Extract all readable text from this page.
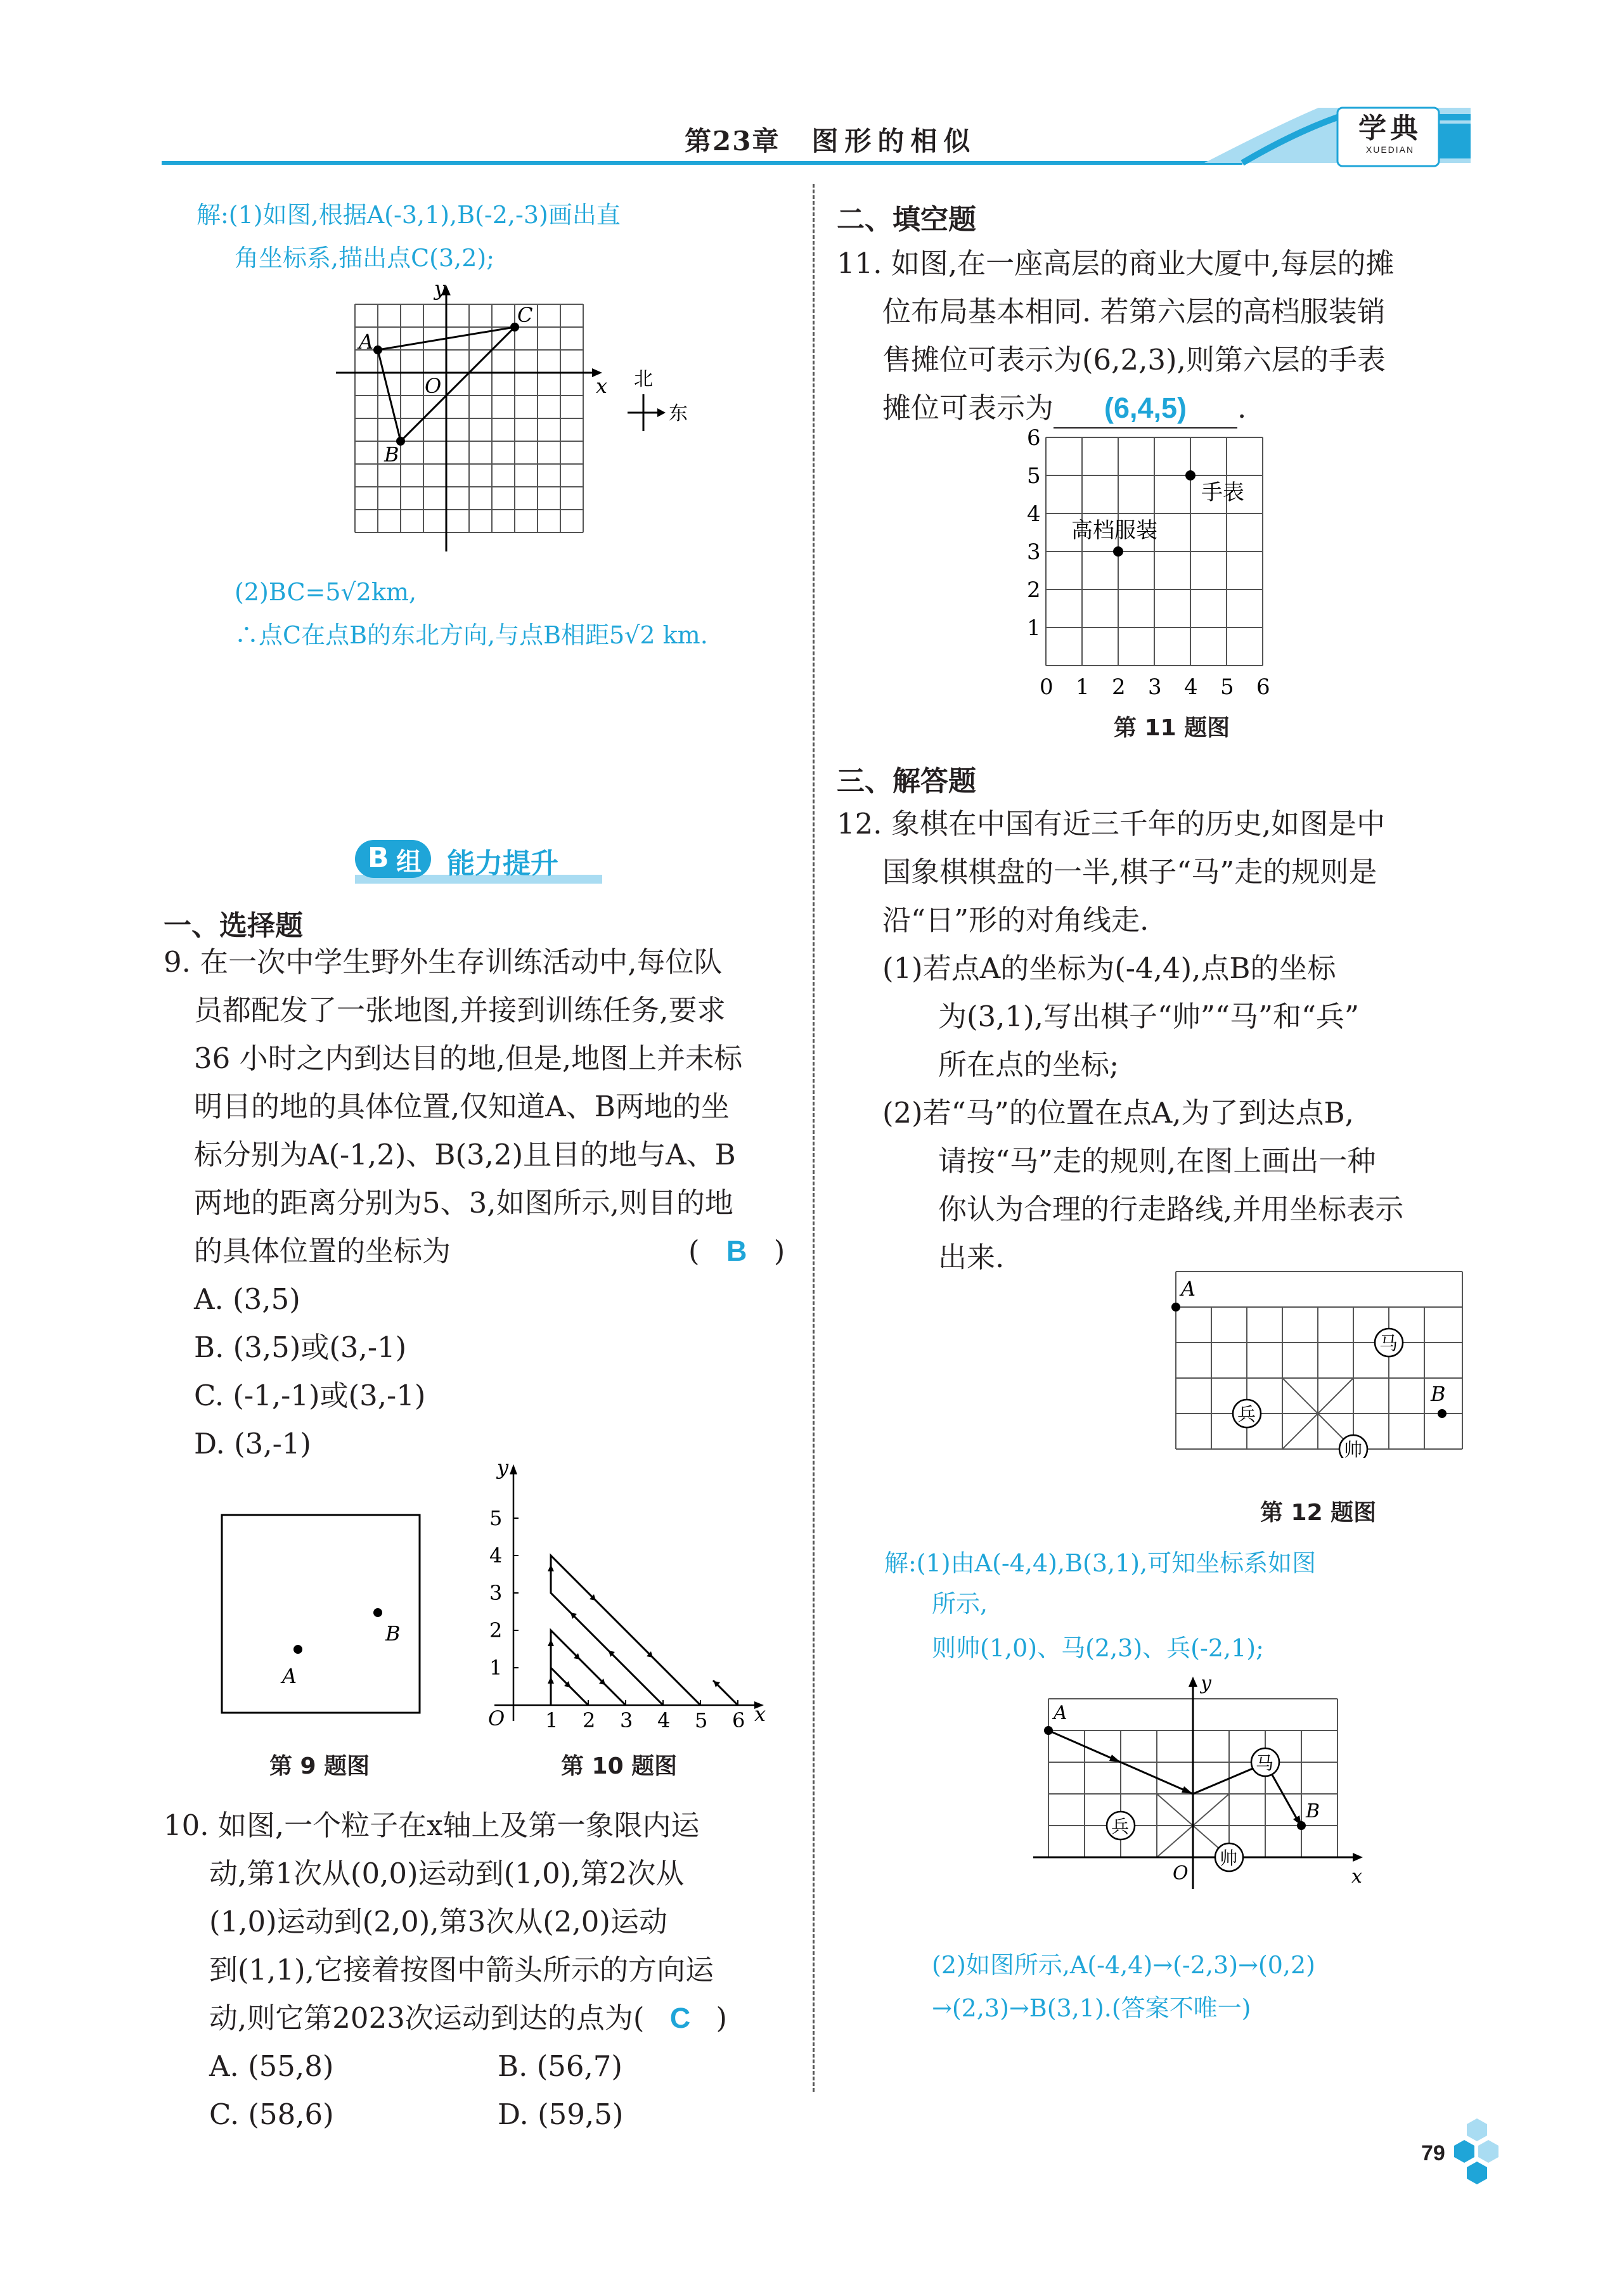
第23章 图形的相似	学典
XUEDIAN
解:(1)如图,根据A(-3,1),B(-2,-3)画出直
角坐标系,描出点C(3,2);
y
x
O
A
C
B
北
东
(2)BC=5√2km,
∴点C在点B的东北方向,与点B相距5√2 km.
B 组 能力提升
一、选择题
9. 在一次中学生野外生存训练活动中,每位队
员都配发了一张地图,并接到训练任务,要求
36 小时之内到达目的地,但是,地图上并未标
明目的地的具体位置,仅知道A、B两地的坐
标分别为A(-1,2)、B(3,2)且目的地与A、B
两地的距离分别为5、3,如图所示,则目的地
的具体位置的坐标为	( B )
A. (3,5)
B. (3,5)或(3,-1)
C. (-1,-1)或(3,-1)
D. (3,-1)
A
B
第 9 题图
O
y
x
1 2 3 4 5 6
1
2
3
4
5
第 10 题图
10. 如图,一个粒子在x轴上及第一象限内运
动,第1次从(0,0)运动到(1,0),第2次从
(1,0)运动到(2,0),第3次从(2,0)运动
到(1,1),它接着按图中箭头所示的方向运
动,则它第2023次运动到达的点为( C )
A. (55,8)	B. (56,7)
C. (58,6)	D. (59,5)
二、填空题
11. 如图,在一座高层的商业大厦中,每层的摊
位布局基本相同. 若第六层的高档服装销
售摊位可表示为(6,2,3),则第六层的手表
摊位可表示为 (6,4,5) .
高档服装
手表
0 1 2 3 4 5 6
1
2
3
4
5
6
第 11 题图
三、解答题
12. 象棋在中国有近三千年的历史,如图是中
国象棋棋盘的一半,棋子“马”走的规则是
沿“日”形的对角线走.
(1)若点A的坐标为(-4,4),点B的坐标
为(3,1),写出棋子“帅”“马”和“兵”
所在点的坐标;
(2)若“马”的位置在点A,为了到达点B,
请按“马”走的规则,在图上画出一种
你认为合理的行走路线,并用坐标表示
出来.
A
B
马
兵
帅
第 12 题图
解:(1)由A(-4,4),B(3,1),可知坐标系如图
所示,
则帅(1,0)、马(2,3)、兵(-2,1);
A
B
O	x
y
马
兵
帅
(2)如图所示,A(-4,4)→(-2,3)→(0,2)
→(2,3)→B(3,1).(答案不唯一)
79
